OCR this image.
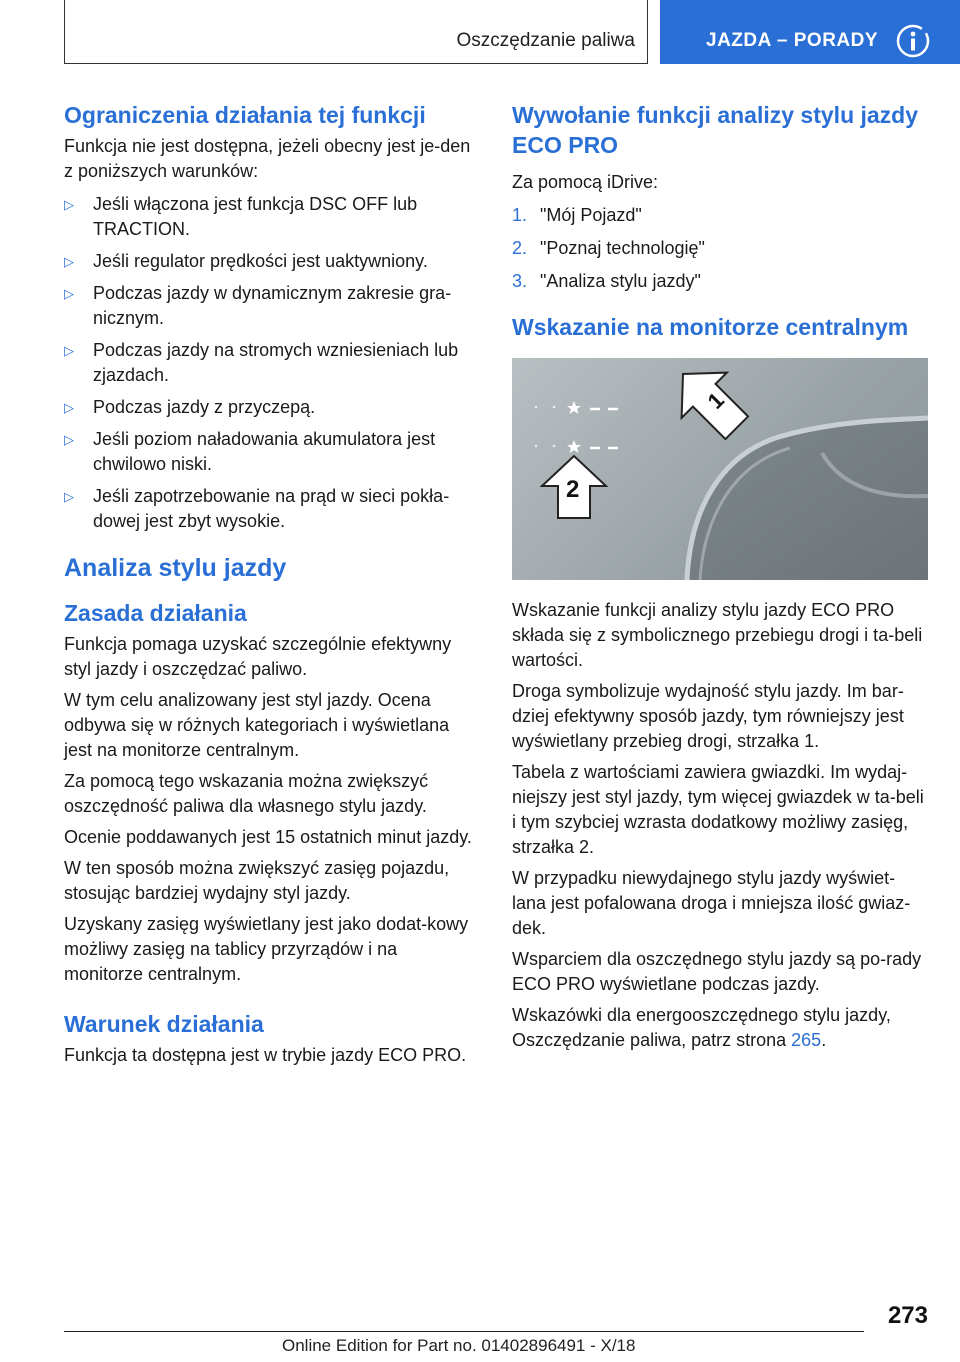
Oszczędzanie paliwa	JAZDA – PORADY
Ograniczenia działania tej funkcji

Funkcja nie jest dostępna, jeżeli obecny jest je-den z poniższych warunków:

▷ Jeśli włączona jest funkcja DSC OFF lub TRACTION.
▷ Jeśli regulator prędkości jest uaktywniony.
▷ Podczas jazdy w dynamicznym zakresie gra-nicznym.
▷ Podczas jazdy na stromych wzniesieniach lub zjazdach.
▷ Podczas jazdy z przyczepą.
▷ Jeśli poziom naładowania akumulatora jest chwilowo niski.
▷ Jeśli zapotrzebowanie na prąd w sieci pokła-dowej jest zbyt wysokie.
Analiza stylu jazdy
Zasada działania

Funkcja pomaga uzyskać szczególnie efektywny styl jazdy i oszczędzać paliwo.

W tym celu analizowany jest styl jazdy. Ocena odbywa się w różnych kategoriach i wyświetlana jest na monitorze centralnym.

Za pomocą tego wskazania można zwiększyć oszczędność paliwa dla własnego stylu jazdy.

Ocenie poddawanych jest 15 ostatnich minut jazdy.

W ten sposób można zwiększyć zasięg pojazdu, stosując bardziej wydajny styl jazdy.

Uzyskany zasięg wyświetlany jest jako dodat-kowy możliwy zasięg na tablicy przyrządów i na monitorze centralnym.

Warunek działania

Funkcja ta dostępna jest w trybie jazdy ECO PRO.

Wywołanie funkcji analizy stylu jazdy ECO PRO

Za pomocą iDrive:

1. "Mój Pojazd"
2. "Poznaj technologię"
3. "Analiza stylu jazdy"
Wskazanie na monitorze centralnym
1
2

Wskazanie funkcji analizy stylu jazdy ECO PRO składa się z symbolicznego przebiegu drogi i ta-beli wartości.

Droga symbolizuje wydajność stylu jazdy. Im bar-dziej efektywny sposób jazdy, tym równiejszy jest wyświetlany przebieg drogi, strzałka 1.

Tabela z wartościami zawiera gwiazdki. Im wydaj-niejszy jest styl jazdy, tym więcej gwiazdek w ta-beli i tym szybciej wzrasta dodatkowy możliwy zasięg, strzałka 2.

W przypadku niewydajnego stylu jazdy wyświet-lana jest pofalowana droga i mniejsza ilość gwiaz-dek.

Wsparciem dla oszczędnego stylu jazdy są po-rady ECO PRO wyświetlane podczas jazdy.

Wskazówki dla energooszczędnego stylu jazdy, Oszczędzanie paliwa, patrz strona 265.

273
Online Edition for Part no. 01402896491 - X/18
